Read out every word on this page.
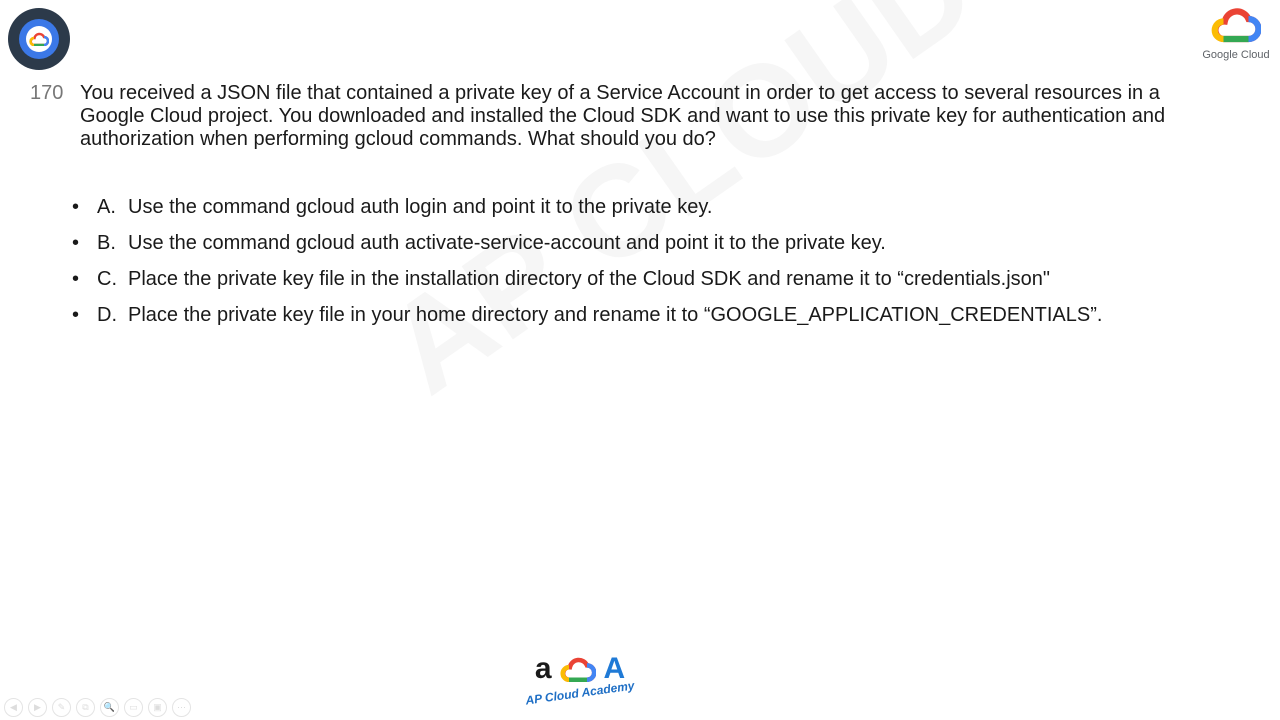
Google Cloud
170 You received a JSON file that contained a private key of a Service Account in order to get access to several resources in a Google Cloud project. You downloaded and installed the Cloud SDK and want to use this private key for authentication and authorization when performing gcloud commands. What should you do?
• A. Use the command gcloud auth login and point it to the private key.
• B. Use the command gcloud auth activate-service-account and point it to the private key.
• C. Place the private key file in the installation directory of the Cloud SDK and rename it to “credentials.json"
• D. Place the private key file in your home directory and rename it to “GOOGLE_APPLICATION_CREDENTIALS”.
a A
AP Cloud Academy
◀	▶	✎	⧉	🔍	▭	▣	⋯
